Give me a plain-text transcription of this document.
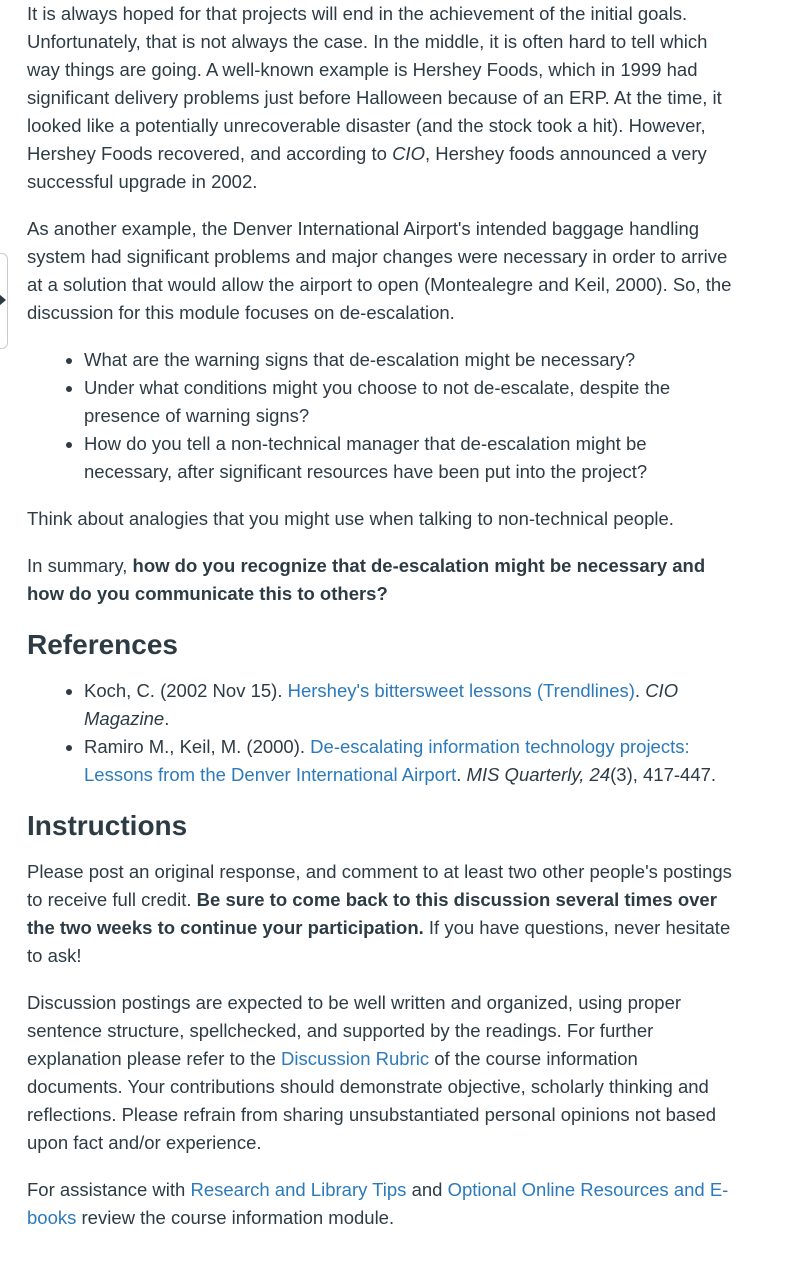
It is always hoped for that projects will end in the achievement of the initial goals. Unfortunately, that is not always the case. In the middle, it is often hard to tell which way things are going. A well-known example is Hershey Foods, which in 1999 had significant delivery problems just before Halloween because of an ERP. At the time, it looked like a potentially unrecoverable disaster (and the stock took a hit). However, Hershey Foods recovered, and according to CIO, Hershey foods announced a very successful upgrade in 2002.

As another example, the Denver International Airport's intended baggage handling system had significant problems and major changes were necessary in order to arrive at a solution that would allow the airport to open (Montealegre and Keil, 2000). So, the discussion for this module focuses on de-escalation.

• What are the warning signs that de-escalation might be necessary?
• Under what conditions might you choose to not de-escalate, despite the presence of warning signs?
• How do you tell a non-technical manager that de-escalation might be necessary, after significant resources have been put into the project?

Think about analogies that you might use when talking to non-technical people.

In summary, how do you recognize that de-escalation might be necessary and how do you communicate this to others?

References
• Koch, C. (2002 Nov 15). Hershey's bittersweet lessons (Trendlines). CIO Magazine.
• Ramiro M., Keil, M. (2000). De-escalating information technology projects: Lessons from the Denver International Airport. MIS Quarterly, 24(3), 417-447.
Instructions

Please post an original response, and comment to at least two other people's postings to receive full credit. Be sure to come back to this discussion several times over the two weeks to continue your participation. If you have questions, never hesitate to ask!

Discussion postings are expected to be well written and organized, using proper sentence structure, spellchecked, and supported by the readings. For further explanation please refer to the Discussion Rubric of the course information documents. Your contributions should demonstrate objective, scholarly thinking and reflections. Please refrain from sharing unsubstantiated personal opinions not based upon fact and/or experience.

For assistance with Research and Library Tips and Optional Online Resources and E-books review the course information module.
